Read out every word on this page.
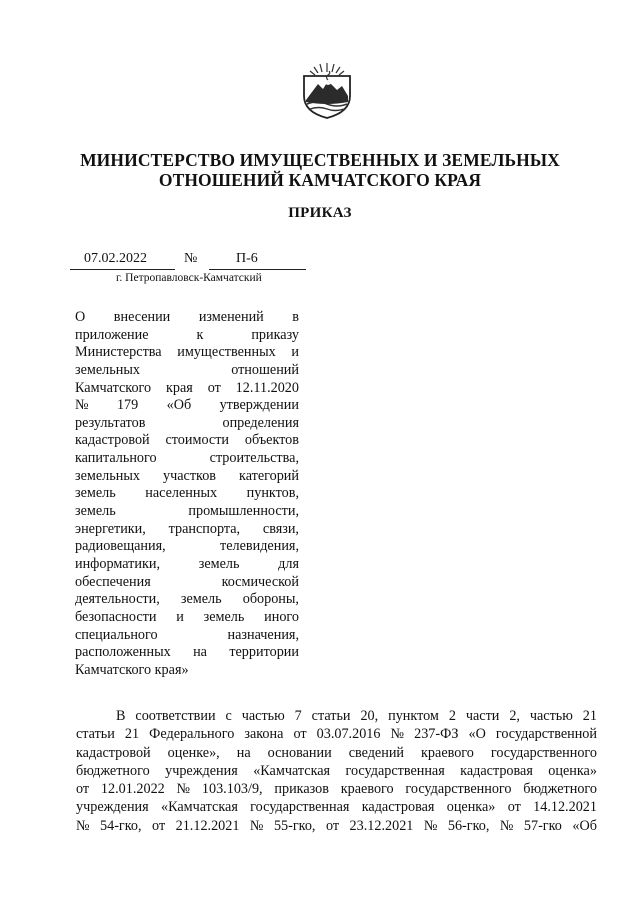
МИНИСТЕРСТВО ИМУЩЕСТВЕННЫХ И ЗЕМЕЛЬНЫХ
ОТНОШЕНИЙ КАМЧАТСКОГО КРАЯ
ПРИКАЗ
07.02.2022	№	П-6
г. Петропавловск-Камчатский
О внесении изменений в
приложение	к	приказу
Министерства имущественных и
земельных	отношений
Камчатского края от 12.11.2020
№ 179 «Об утверждении
результатов	определения
кадастровой стоимости объектов
капитального	строительства,
земельных участков категорий
земель населенных пунктов,
земель	промышленности,
энергетики, транспорта, связи,
радиовещания,	телевидения,
информатики,	земель	для
обеспечения	космической
деятельности, земель обороны,
безопасности и земель иного
специального	назначения,
расположенных на территории
Камчатского края»
В соответствии с частью 7 статьи 20, пунктом 2 части 2, частью 21
статьи 21 Федерального закона от 03.07.2016 № 237-ФЗ «О государственной
кадастровой оценке», на основании сведений краевого государственного
бюджетного учреждения «Камчатская государственная кадастровая оценка»
от 12.01.2022 № 103.103/9, приказов краевого государственного бюджетного
учреждения «Камчатская государственная кадастровая оценка» от 14.12.2021
№ 54-гко, от 21.12.2021 № 55-гко, от 23.12.2021 № 56-гко, № 57-гко «Об
